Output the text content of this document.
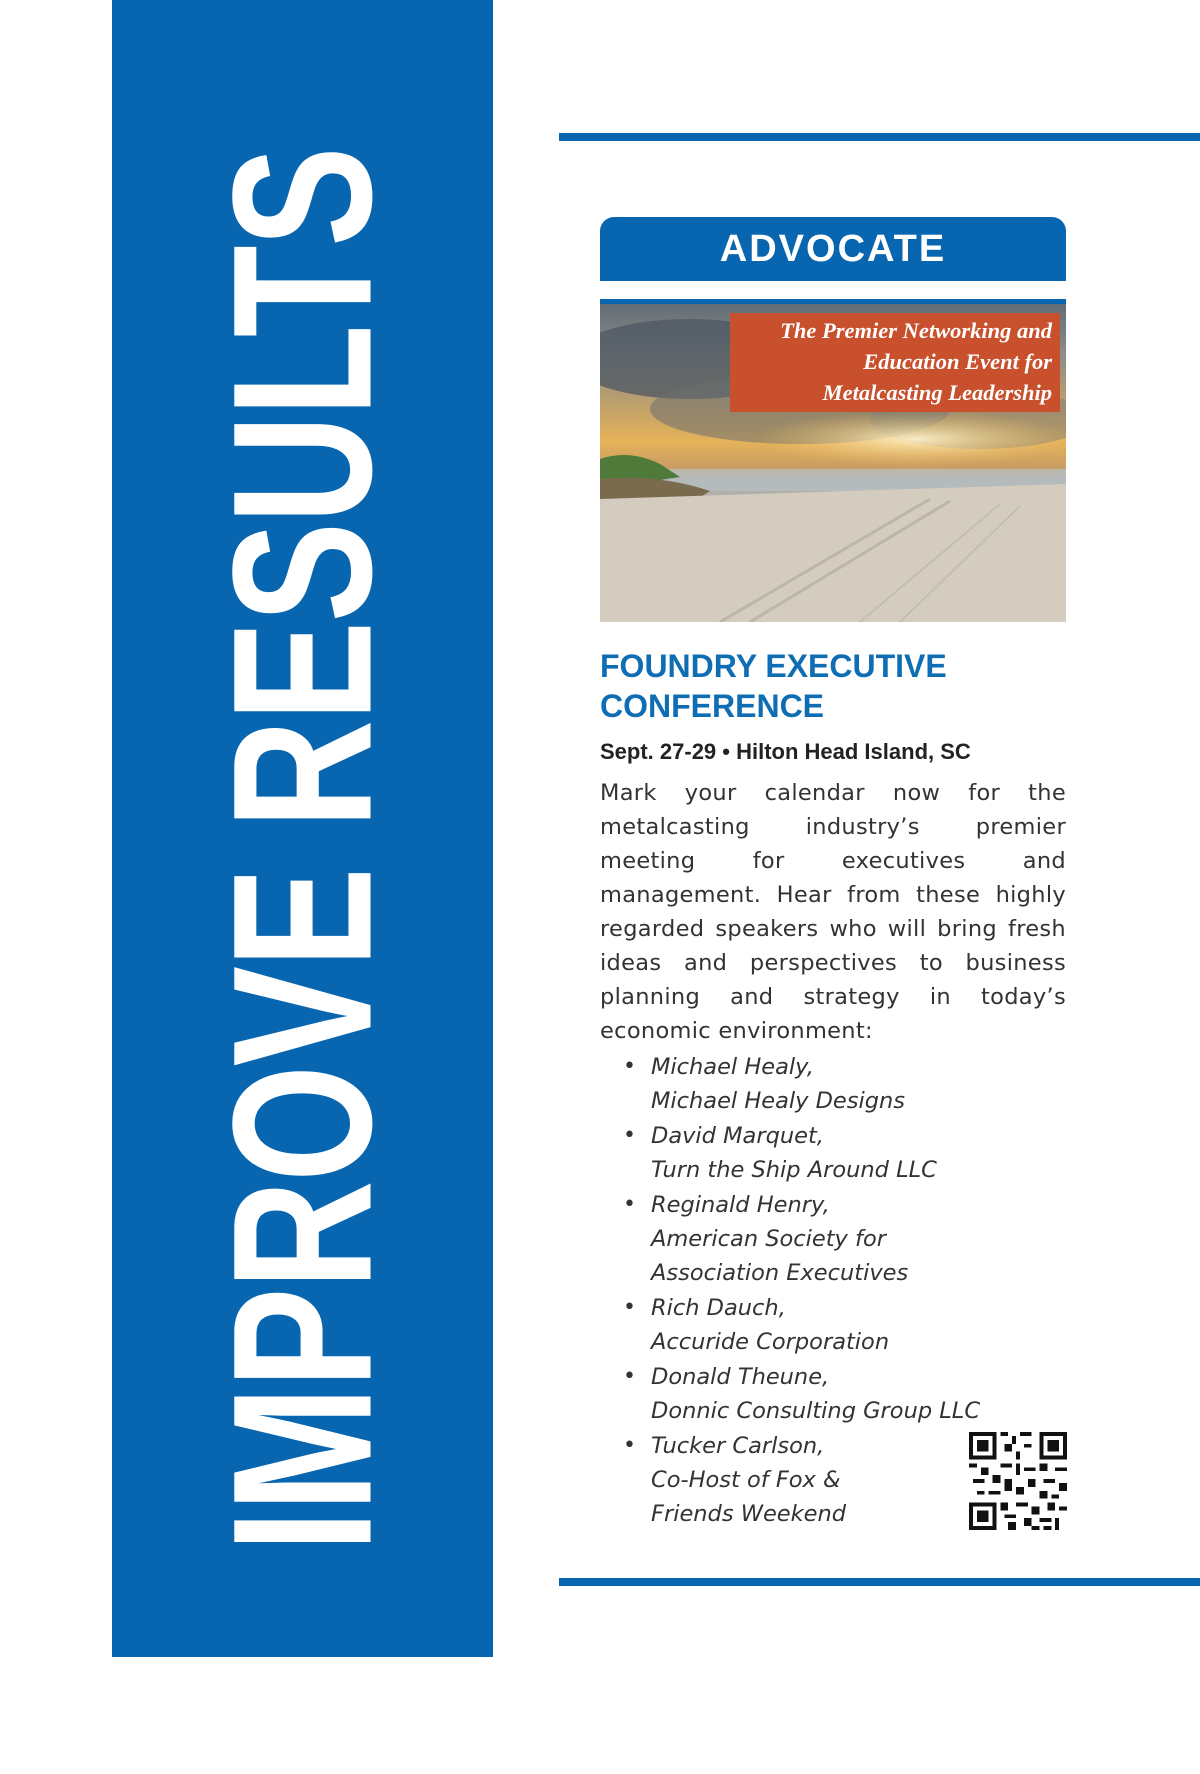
IMPROVE RESULTS	ADVOCATE
The Premier Networking and
Education Event for
Metalcasting Leadership
FOUNDRY EXECUTIVE
CONFERENCE
Sept. 27-29 • Hilton Head Island, SC
Mark your calendar now for the metalcasting industry’s premier meeting for executives and management. Hear from these highly regarded speakers who will bring fresh ideas and perspectives to business planning and strategy in today’s economic environment:
• Michael Healy,
Michael Healy Designs
• David Marquet,
Turn the Ship Around LLC
• Reginald Henry,
American Society for
Association Executives
• Rich Dauch,
Accuride Corporation
• Donald Theune,
Donnic Consulting Group LLC
• Tucker Carlson,
Co-Host of Fox &
Friends Weekend
